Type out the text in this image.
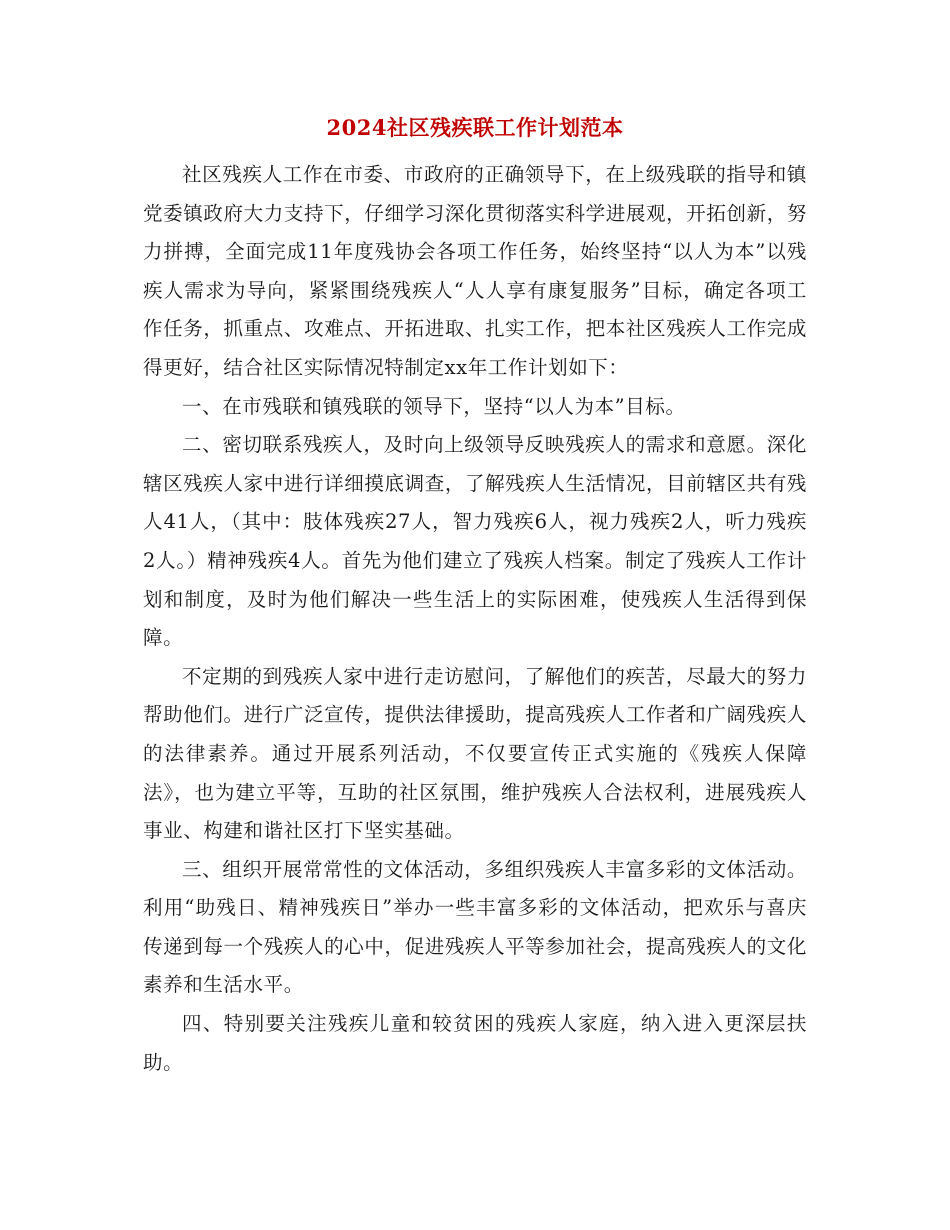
2024社区残疾联工作计划范本

社区残疾人工作在市委、市政府的正确领导下，在上级残联的指导和镇党委镇政府大力支持下，仔细学习深化贯彻落实科学进展观，开拓创新，努力拼搏，全面完成11年度残协会各项工作任务，始终坚持“以人为本”以残疾人需求为导向，紧紧围绕残疾人“人人享有康复服务”目标，确定各项工作任务，抓重点、攻难点、开拓进取、扎实工作，把本社区残疾人工作完成得更好，结合社区实际情况特制定xx年工作计划如下：

一、在市残联和镇残联的领导下，坚持“以人为本”目标。

二、密切联系残疾人，及时向上级领导反映残疾人的需求和意愿。深化辖区残疾人家中进行详细摸底调查，了解残疾人生活情况，目前辖区共有残人41人，（其中：肢体残疾27人，智力残疾6人，视力残疾2人，听力残疾2人。）精神残疾4人。首先为他们建立了残疾人档案。制定了残疾人工作计划和制度，及时为他们解决一些生活上的实际困难，使残疾人生活得到保障。

不定期的到残疾人家中进行走访慰问，了解他们的疾苦，尽最大的努力帮助他们。进行广泛宣传，提供法律援助，提高残疾人工作者和广阔残疾人的法律素养。通过开展系列活动，不仅要宣传正式实施的《残疾人保障法》，也为建立平等，互助的社区氛围，维护残疾人合法权利，进展残疾人事业、构建和谐社区打下坚实基础。

三、组织开展常常性的文体活动，多组织残疾人丰富多彩的文体活动。利用“助残日、精神残疾日”举办一些丰富多彩的文体活动，把欢乐与喜庆传递到每一个残疾人的心中，促进残疾人平等参加社会，提高残疾人的文化素养和生活水平。

四、特别要关注残疾儿童和较贫困的残疾人家庭，纳入进入更深层扶助。
